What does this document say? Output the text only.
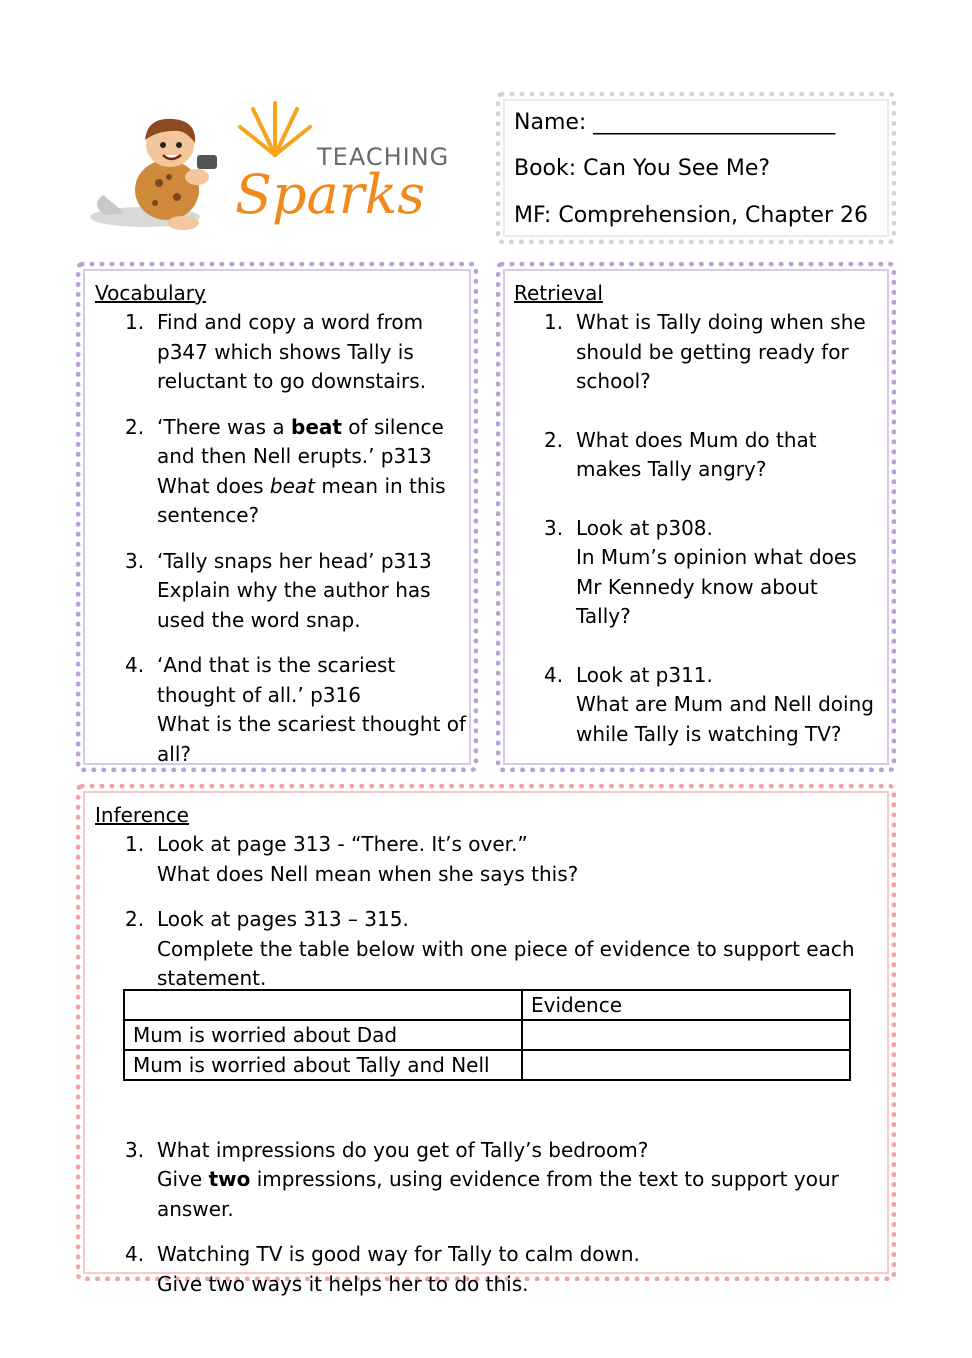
TEACHING
Sparks
Name: ______________________
Book: Can You See Me?
MF: Comprehension, Chapter 26
Vocabulary
1. Find and copy a word from
p347 which shows Tally is
reluctant to go downstairs.
2. ‘There was a beat of silence
and then Nell erupts.’ p313
What does beat mean in this
sentence?
3. ‘Tally snaps her head’ p313
Explain why the author has
used the word snap.
4. ‘And that is the scariest
thought of all.’ p316
What is the scariest thought of
all?
Retrieval
1. What is Tally doing when she
should be getting ready for
school?
2. What does Mum do that
makes Tally angry?
3. Look at p308.
In Mum’s opinion what does
Mr Kennedy know about
Tally?
4. Look at p311.
What are Mum and Nell doing
while Tally is watching TV?
Inference
1. Look at page 313 - “There. It’s over.”
What does Nell mean when she says this?
2. Look at pages 313 – 315.
Complete the table below with one piece of evidence to support each
statement.
3. What impressions do you get of Tally’s bedroom?
Give two impressions, using evidence from the text to support your
answer.
4. Watching TV is good way for Tally to calm down.
Give two ways it helps her to do this.
	Evidence
Mum is worried about Dad	
Mum is worried about Tally and Nell	
